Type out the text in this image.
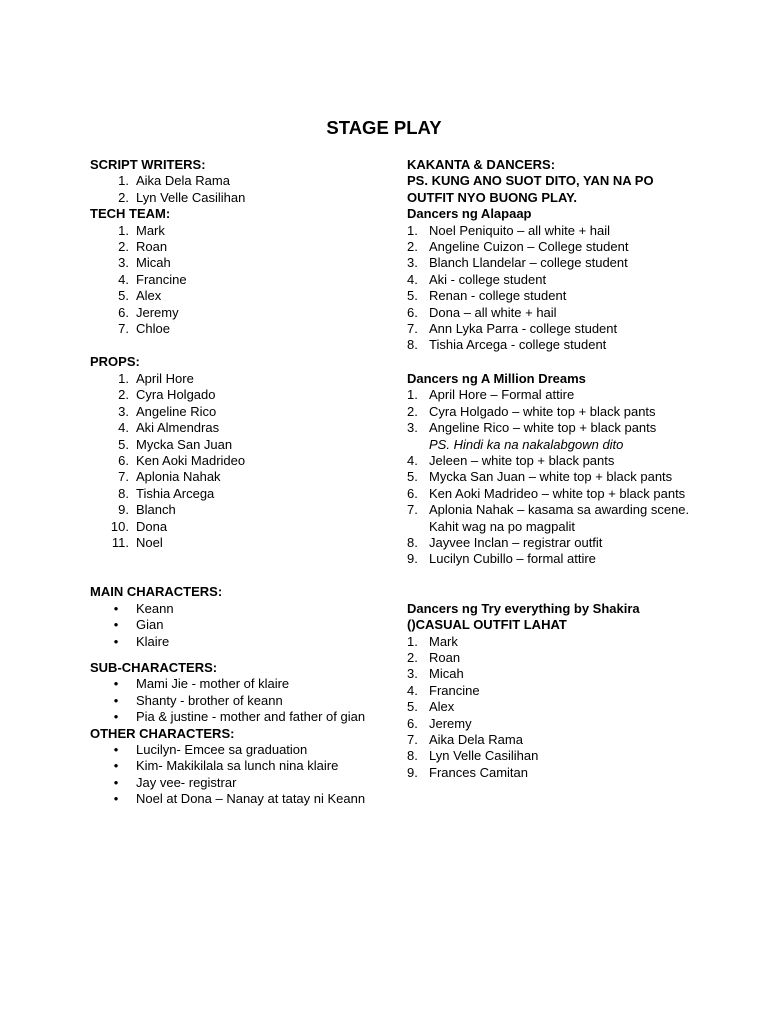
STAGE PLAY
SCRIPT WRITERS:
1. Aika Dela Rama
2. Lyn Velle Casilihan
TECH TEAM:
1. Mark
2. Roan
3. Micah
4. Francine
5. Alex
6. Jeremy
7. Chloe
PROPS:
1. April Hore
2. Cyra Holgado
3. Angeline Rico
4. Aki Almendras
5. Mycka San Juan
6. Ken Aoki Madrideo
7. Aplonia Nahak
8. Tishia Arcega
9. Blanch
10. Dona
11. Noel
MAIN CHARACTERS:
•	Keann
•	Gian
•	Klaire
SUB-CHARACTERS:
•	Mami Jie - mother of klaire
•	Shanty - brother of keann
•	Pia & justine - mother and father of gian
OTHER CHARACTERS:
•	Lucilyn- Emcee sa graduation
•	Kim- Makikilala sa lunch nina klaire
•	Jay vee- registrar
•	Noel at Dona – Nanay at tatay ni Keann
KAKANTA & DANCERS:
PS. KUNG ANO SUOT DITO, YAN NA PO OUTFIT NYO BUONG PLAY.
Dancers ng Alapaap
1. Noel Peniquito – all white + hail
2. Angeline Cuizon – College student
3. Blanch Llandelar – college student
4. Aki - college student
5. Renan - college student
6. Dona – all white + hail
7. Ann Lyka Parra - college student
8. Tishia Arcega - college student
Dancers ng A Million Dreams
1. April Hore – Formal attire
2. Cyra Holgado – white top + black pants
3. Angeline Rico – white top + black pants
PS. Hindi ka na nakalabgown dito
4. Jeleen – white top + black pants
5. Mycka San Juan – white top + black pants
6. Ken Aoki Madrideo – white top + black pants
7. Aplonia Nahak – kasama sa awarding scene. Kahit wag na po magpalit
8. Jayvee Inclan – registrar outfit
9. Lucilyn Cubillo – formal attire
Dancers ng Try everything by Shakira ()CASUAL OUTFIT LAHAT
1. Mark
2. Roan
3. Micah
4. Francine
5. Alex
6. Jeremy
7. Aika Dela Rama
8. Lyn Velle Casilihan
9. Frances Camitan
